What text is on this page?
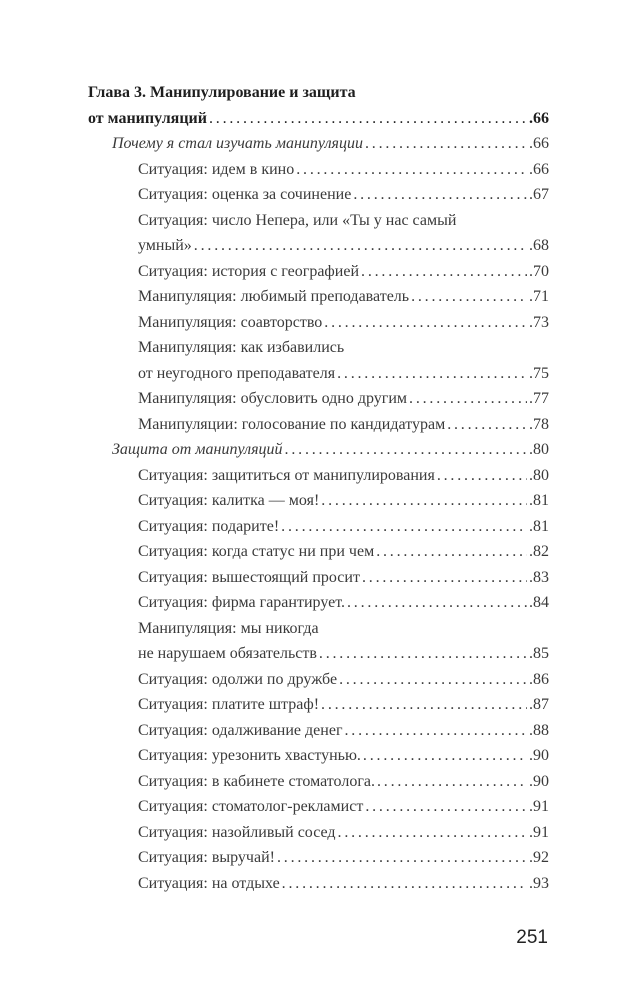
Глава 3. Манипулирование и защита
от манипуляций . . .	.66
Почему я стал изучать манипуляции . . .	.66
Ситуация: идем в кино . . .	.66
Ситуация: оценка за сочинение . . .	.67
Ситуация: число Непера, или «Ты у нас самый
умный» . . .	.68
Ситуация: история с географией . . .	.70
Манипуляция: любимый преподаватель . . .	.71
Манипуляция: соавторство . . .	.73
Манипуляция: как избавились
от неугодного преподавателя . . .	.75
Манипуляция: обусловить одно другим . . .	.77
Манипуляции: голосование по кандидатурам . . .	.78
Защита от манипуляций . . .	.80
Ситуация: защититься от манипулирования . . .	.80
Ситуация: калитка — моя! . . .	.81
Ситуация: подарите! . . .	.81
Ситуация: когда статус ни при чем . . .	.82
Ситуация: вышестоящий просит . . .	.83
Ситуация: фирма гарантирует. . . .	.84
Манипуляция: мы никогда
не нарушаем обязательств . . .	.85
Ситуация: одолжи по дружбе . . .	.86
Ситуация: платите штраф! . . .	.87
Ситуация: одалживание денег . . .	.88
Ситуация: урезонить хвастунью. . . .	.90
Ситуация: в кабинете стоматолога. . . .	.90
Ситуация: стоматолог-рекламист . . .	.91
Ситуация: назойливый сосед . . .	.91
Ситуация: выручай! . . .	.92
Ситуация: на отдыхе . . .	.93
251
